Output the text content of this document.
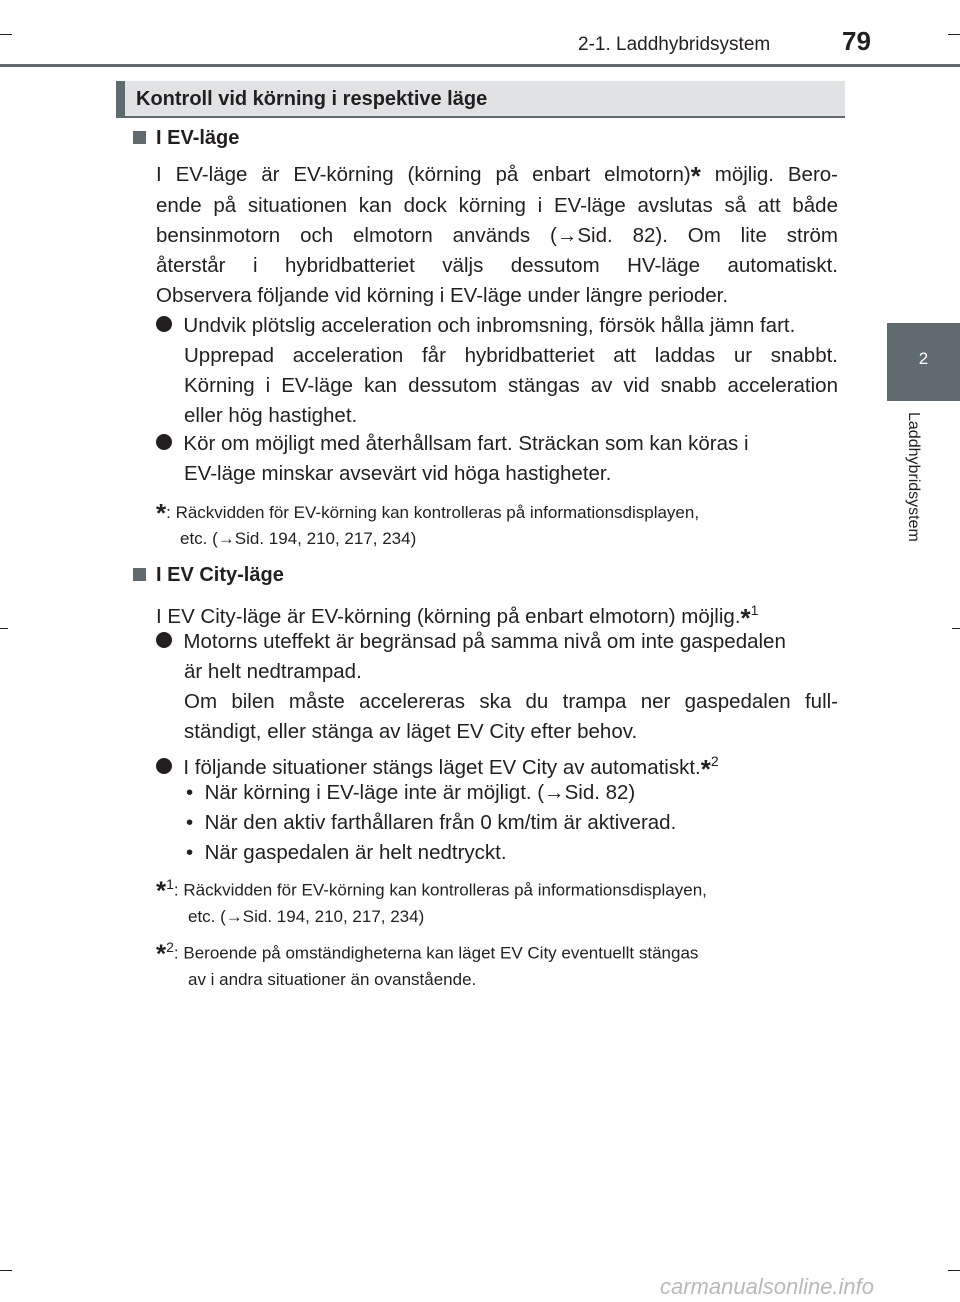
2-1. Laddhybridsystem	79
2
Laddhybridsystem
Kontroll vid körning i respektive läge
I EV-läge
I EV-läge är EV-körning (körning på enbart elmotorn)* möjlig. Bero-
ende på situationen kan dock körning i EV-läge avslutas så att både
bensinmotorn och elmotorn används (→Sid. 82). Om lite ström
återstår i hybridbatteriet väljs dessutom HV-läge automatiskt.
Observera följande vid körning i EV-läge under längre perioder.
Undvik plötslig acceleration och inbromsning, försök hålla jämn fart.
Upprepad acceleration får hybridbatteriet att laddas ur snabbt.
Körning i EV-läge kan dessutom stängas av vid snabb acceleration
eller hög hastighet.
Kör om möjligt med återhållsam fart. Sträckan som kan köras i
EV-läge minskar avsevärt vid höga hastigheter.
*: Räckvidden för EV-körning kan kontrolleras på informationsdisplayen,
etc. (→Sid. 194, 210, 217, 234)
I EV City-läge
I EV City-läge är EV-körning (körning på enbart elmotorn) möjlig.*$^1$
Motorns uteffekt är begränsad på samma nivå om inte gaspedalen
är helt nedtrampad.
Om bilen måste accelereras ska du trampa ner gaspedalen full-
ständigt, eller stänga av läget EV City efter behov.
I följande situationer stängs läget EV City av automatiskt.*$^2$
•  När körning i EV-läge inte är möjligt. (→Sid. 82)
•  När den aktiv farthållaren från 0 km/tim är aktiverad.
•  När gaspedalen är helt nedtryckt.
*$^1$: Räckvidden för EV-körning kan kontrolleras på informationsdisplayen,
etc. (→Sid. 194, 210, 217, 234)
*$^2$: Beroende på omständigheterna kan läget EV City eventuellt stängas
av i andra situationer än ovanstående.
carmanualsonline.info
